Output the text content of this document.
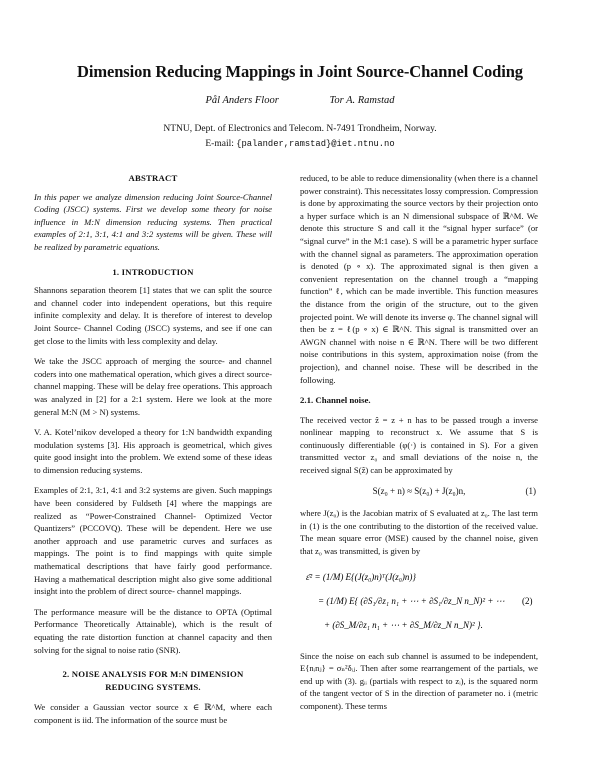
Dimension Reducing Mappings in Joint Source-Channel Coding
Pål Anders Floor	Tor A. Ramstad
NTNU, Dept. of Electronics and Telecom. N-7491 Trondheim, Norway.
E-mail: {palander,ramstad}@iet.ntnu.no
ABSTRACT

In this paper we analyze dimension reducing Joint Source-Channel Coding (JSCC) systems. First we develop some theory for noise influence in M:N dimension reducing systems. Then practical examples of 2:1, 3:1, 4:1 and 3:2 systems will be given. These will be realized by parametric equations.

1. INTRODUCTION

Shannons separation theorem [1] states that we can split the source and channel coder into independent operations, but this require infinite complexity and delay. It is therefore of interest to develop Joint Source- Channel Coding (JSCC) systems, and see if one can get close to the limits with less complexity and delay.

We take the JSCC approach of merging the source- and channel coders into one mathematical operation, which gives a direct source- channel mapping. These will be delay free operations. This approach was analyzed in [2] for a 2:1 system. Here we look at the more general M:N (M > N) systems.

V. A. Kotel’nikov developed a theory for 1:N bandwidth expanding modulation systems [3]. His approach is geometrical, which gives quite good insight into the problem. We extend some of these ideas to dimension reducing systems.

Examples of 2:1, 3:1, 4:1 and 3:2 systems are given. Such mappings have been considered by Fuldseth [4] where the mappings are realized as “Power-Constrained Channel- Optimized Vector Quantizers” (PCCOVQ). These will be dependent. Here we use another approach and use parametric curves and surfaces as mappings. The point is to find mappings with quite simple mathematical descriptions that have fairly good performance. Having a mathematical description might also give some additional insight into the problem of direct source- channel mappings.

The performance measure will be the distance to OPTA (Optimal Performance Theoretically Attainable), which is the result of equating the rate distortion function at channel capacity and then solving for the signal to noise ratio (SNR).

2. NOISE ANALYSIS FOR M:N DIMENSION
REDUCING SYSTEMS.

We consider a Gaussian vector source x ∈ ℝ^M, where each component is iid. The information of the source must be

reduced, to be able to reduce dimensionality (when there is a channel power constraint). This necessitates lossy compression. Compression is done by approximating the source vectors by their projection onto a hyper surface which is an N dimensional subspace of ℝ^M. We denote this structure S and call it the “signal hyper surface” (or “signal curve” in the M:1 case). S will be a parametric hyper surface with the channel signal as parameters. The approximation operation is denoted (p ∘ x). The approximated signal is then given a convenient representation on the channel trough a “mapping function” ℓ, which can be made invertible. This function measures the distance from the origin of the structure, out to the given projected point. We will denote its inverse φ. The channel signal will then be z = ℓ(p ∘ x) ∈ ℝ^N. This signal is transmitted over an AWGN channel with noise n ∈ ℝ^N. There will be two different noise contributions in this system, approximation noise (from the projection), and channel noise. These will be described in the following.

2.1. Channel noise.

The received vector ẑ = z + n has to be passed trough a inverse nonlinear mapping to reconstruct x. We assume that S is continuously differentiable (φ(·) is contained in S). For a given transmitted vector z₀ and small deviations of the noise n, the received signal S(ẑ) can be approximated by

S(z₀ + n) ≈ S(z₀) + J(z₀)n,	(1)

where J(z₀) is the Jacobian matrix of S evaluated at z₀. The last term in (1) is the one contributing to the distortion of the received value. The mean square error (MSE) caused by the channel noise, given that z₀ was transmitted, is given by

ε̄² = (1/M) E{(J(z₀)n)ᵀ(J(z₀)n)}
= (1/M) E{ (∂S₁/∂z₁ n₁ + ⋯ + ∂S₁/∂z_N n_N)² + ⋯
+ (∂S_M/∂z₁ n₁ + ⋯ + ∂S_M/∂z_N n_N)² }.
(2)

Since the noise on each sub channel is assumed to be independent, E{nᵢnⱼ} = σₙ²δᵢⱼ. Then after some rearrangement of the partials, we end up with (3). gᵢᵢ (partials with respect to zᵢ), is the squared norm of the tangent vector of S in the direction of parameter no. i (metric component). These terms
